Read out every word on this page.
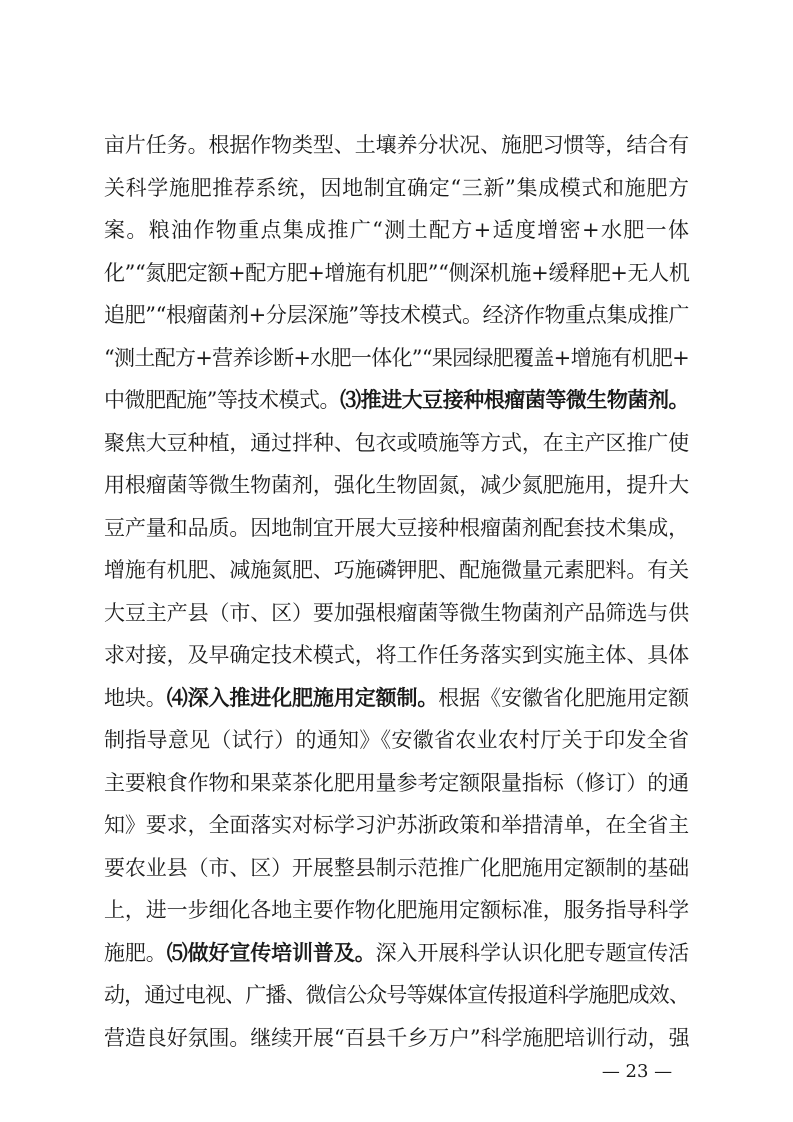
亩片任务。根据作物类型、土壤养分状况、施肥习惯等，结合有
关科学施肥推荐系统，因地制宜确定“三新”集成模式和施肥方
案。粮油作物重点集成推广“测土配方+适度增密+水肥一体
化”“氮肥定额+配方肥+增施有机肥”“侧深机施+缓释肥+无人机
追肥”“根瘤菌剂+分层深施”等技术模式。经济作物重点集成推广
“测土配方+营养诊断+水肥一体化”“果园绿肥覆盖+增施有机肥+
中微肥配施”等技术模式。⑶推进大豆接种根瘤菌等微生物菌剂。
聚焦大豆种植，通过拌种、包衣或喷施等方式，在主产区推广使
用根瘤菌等微生物菌剂，强化生物固氮，减少氮肥施用，提升大
豆产量和品质。因地制宜开展大豆接种根瘤菌剂配套技术集成，
增施有机肥、减施氮肥、巧施磷钾肥、配施微量元素肥料。有关
大豆主产县（市、区）要加强根瘤菌等微生物菌剂产品筛选与供
求对接，及早确定技术模式，将工作任务落实到实施主体、具体
地块。⑷深入推进化肥施用定额制。根据《安徽省化肥施用定额
制指导意见（试行）的通知》《安徽省农业农村厅关于印发全省
主要粮食作物和果菜茶化肥用量参考定额限量指标（修订）的通
知》要求，全面落实对标学习沪苏浙政策和举措清单，在全省主
要农业县（市、区）开展整县制示范推广化肥施用定额制的基础
上，进一步细化各地主要作物化肥施用定额标准，服务指导科学
施肥。⑸做好宣传培训普及。深入开展科学认识化肥专题宣传活
动，通过电视、广播、微信公众号等媒体宣传报道科学施肥成效、
营造良好氛围。继续开展“百县千乡万户”科学施肥培训行动，强
— 23 —
